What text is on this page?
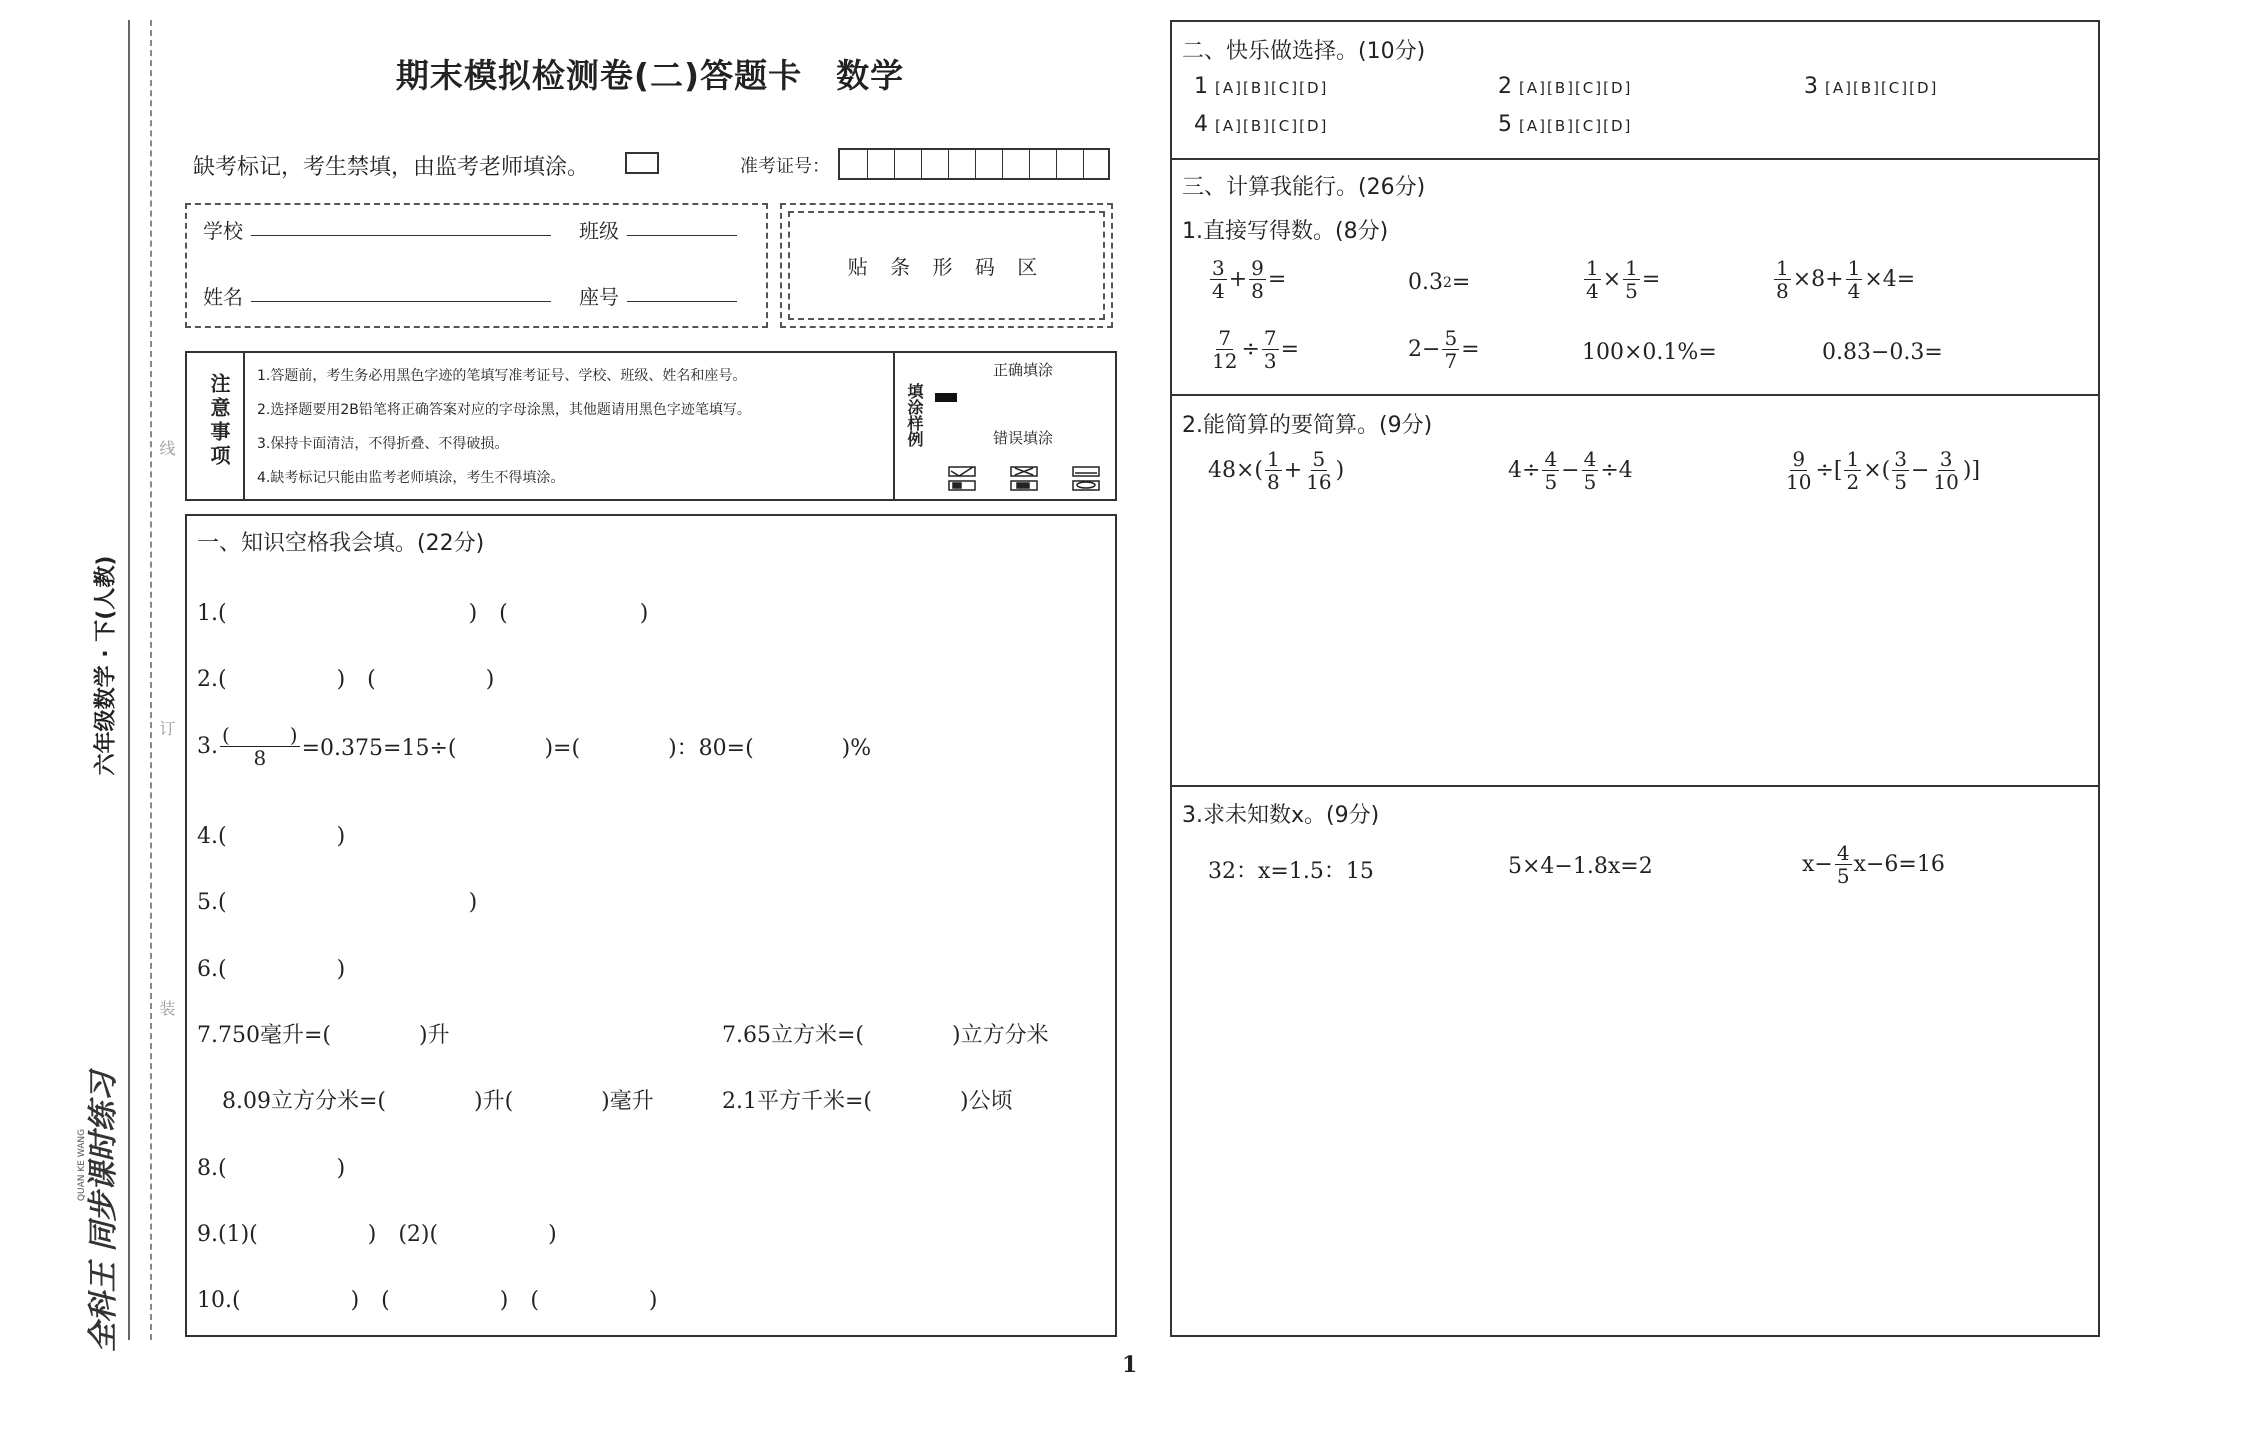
线
订
装
六年级数学 · 下(人教)
全科王 同步课时练习
QUAN KE WANG
期末模拟检测卷(二)答题卡　数学
缺考标记，考生禁填，由监考老师填涂。	准考证号：
学校	班级
姓名	座号
贴 条 形 码 区
注意事项 1.答题前，考生务必用黑色字迹的笔填写准考证号、学校、班级、姓名和座号。
2.选择题要用2B铅笔将正确答案对应的字母涂黑，其他题请用黑色字迹笔填写。
3.保持卡面清洁，不得折叠、不得破损。
4.缺考标记只能由监考老师填涂，考生不得填涂。
填涂样例
正确填涂
错误填涂
一、知识空格我会填。(22分)
1.(　　　　　　　　　　　)　(　　　　　　)
2.(　　　　　)　(　　　　　)
3. $\frac{( )}{8} =0.375=15\div$(　　　　)=(　　　　)：80=(　　　　)%
4.(　　　　　)
5.(　　　　　　　　　　　)
6.(　　　　　)
7.750毫升=(　　　　)升	7.65立方米=(　　　　)立方分米
8.09立方分米=(　　　　)升(　　　　)毫升	2.1平方千米=(　　　　)公顷
8.(　　　　　)
9.(1)(　　　　　)　(2)(　　　　　)
10.(　　　　　)　(　　　　　)　(　　　　　)
二、快乐做选择。(10分)
1 [A][B][C][D]	2 [A][B][C][D]	3 [A][B][C][D]
4 [A][B][C][D]	5 [A][B][C][D]
三、计算我能行。(26分)
1.直接写得数。(8分)
$\frac{3}{4} + \frac{9}{8}$ =	0.3 2 =	$\frac{1}{4} \times \frac{1}{5}$ =	$\frac{1}{8} \times 8+ \frac{1}{4} \times 4=$
$\frac{7}{12} \div \frac{7}{3}$ =	$2- \frac{5}{7}$ =	100×0.1%=	0.83−0.3=
2.能简算的要简算。(9分)
$48\times( \frac{1}{8} + \frac{5}{16}$ )	$4\div \frac{4}{5} - \frac{4}{5} \div 4$	$\frac{9}{10}$ ÷[ $\frac{1}{2}$ ×( $\frac{3}{5} - \frac{3}{10}$ )]
3.求未知数x。(9分)
32：x=1.5：15	5×4−1.8x=2	$x- \frac{4}{5} x-6=16$
1
